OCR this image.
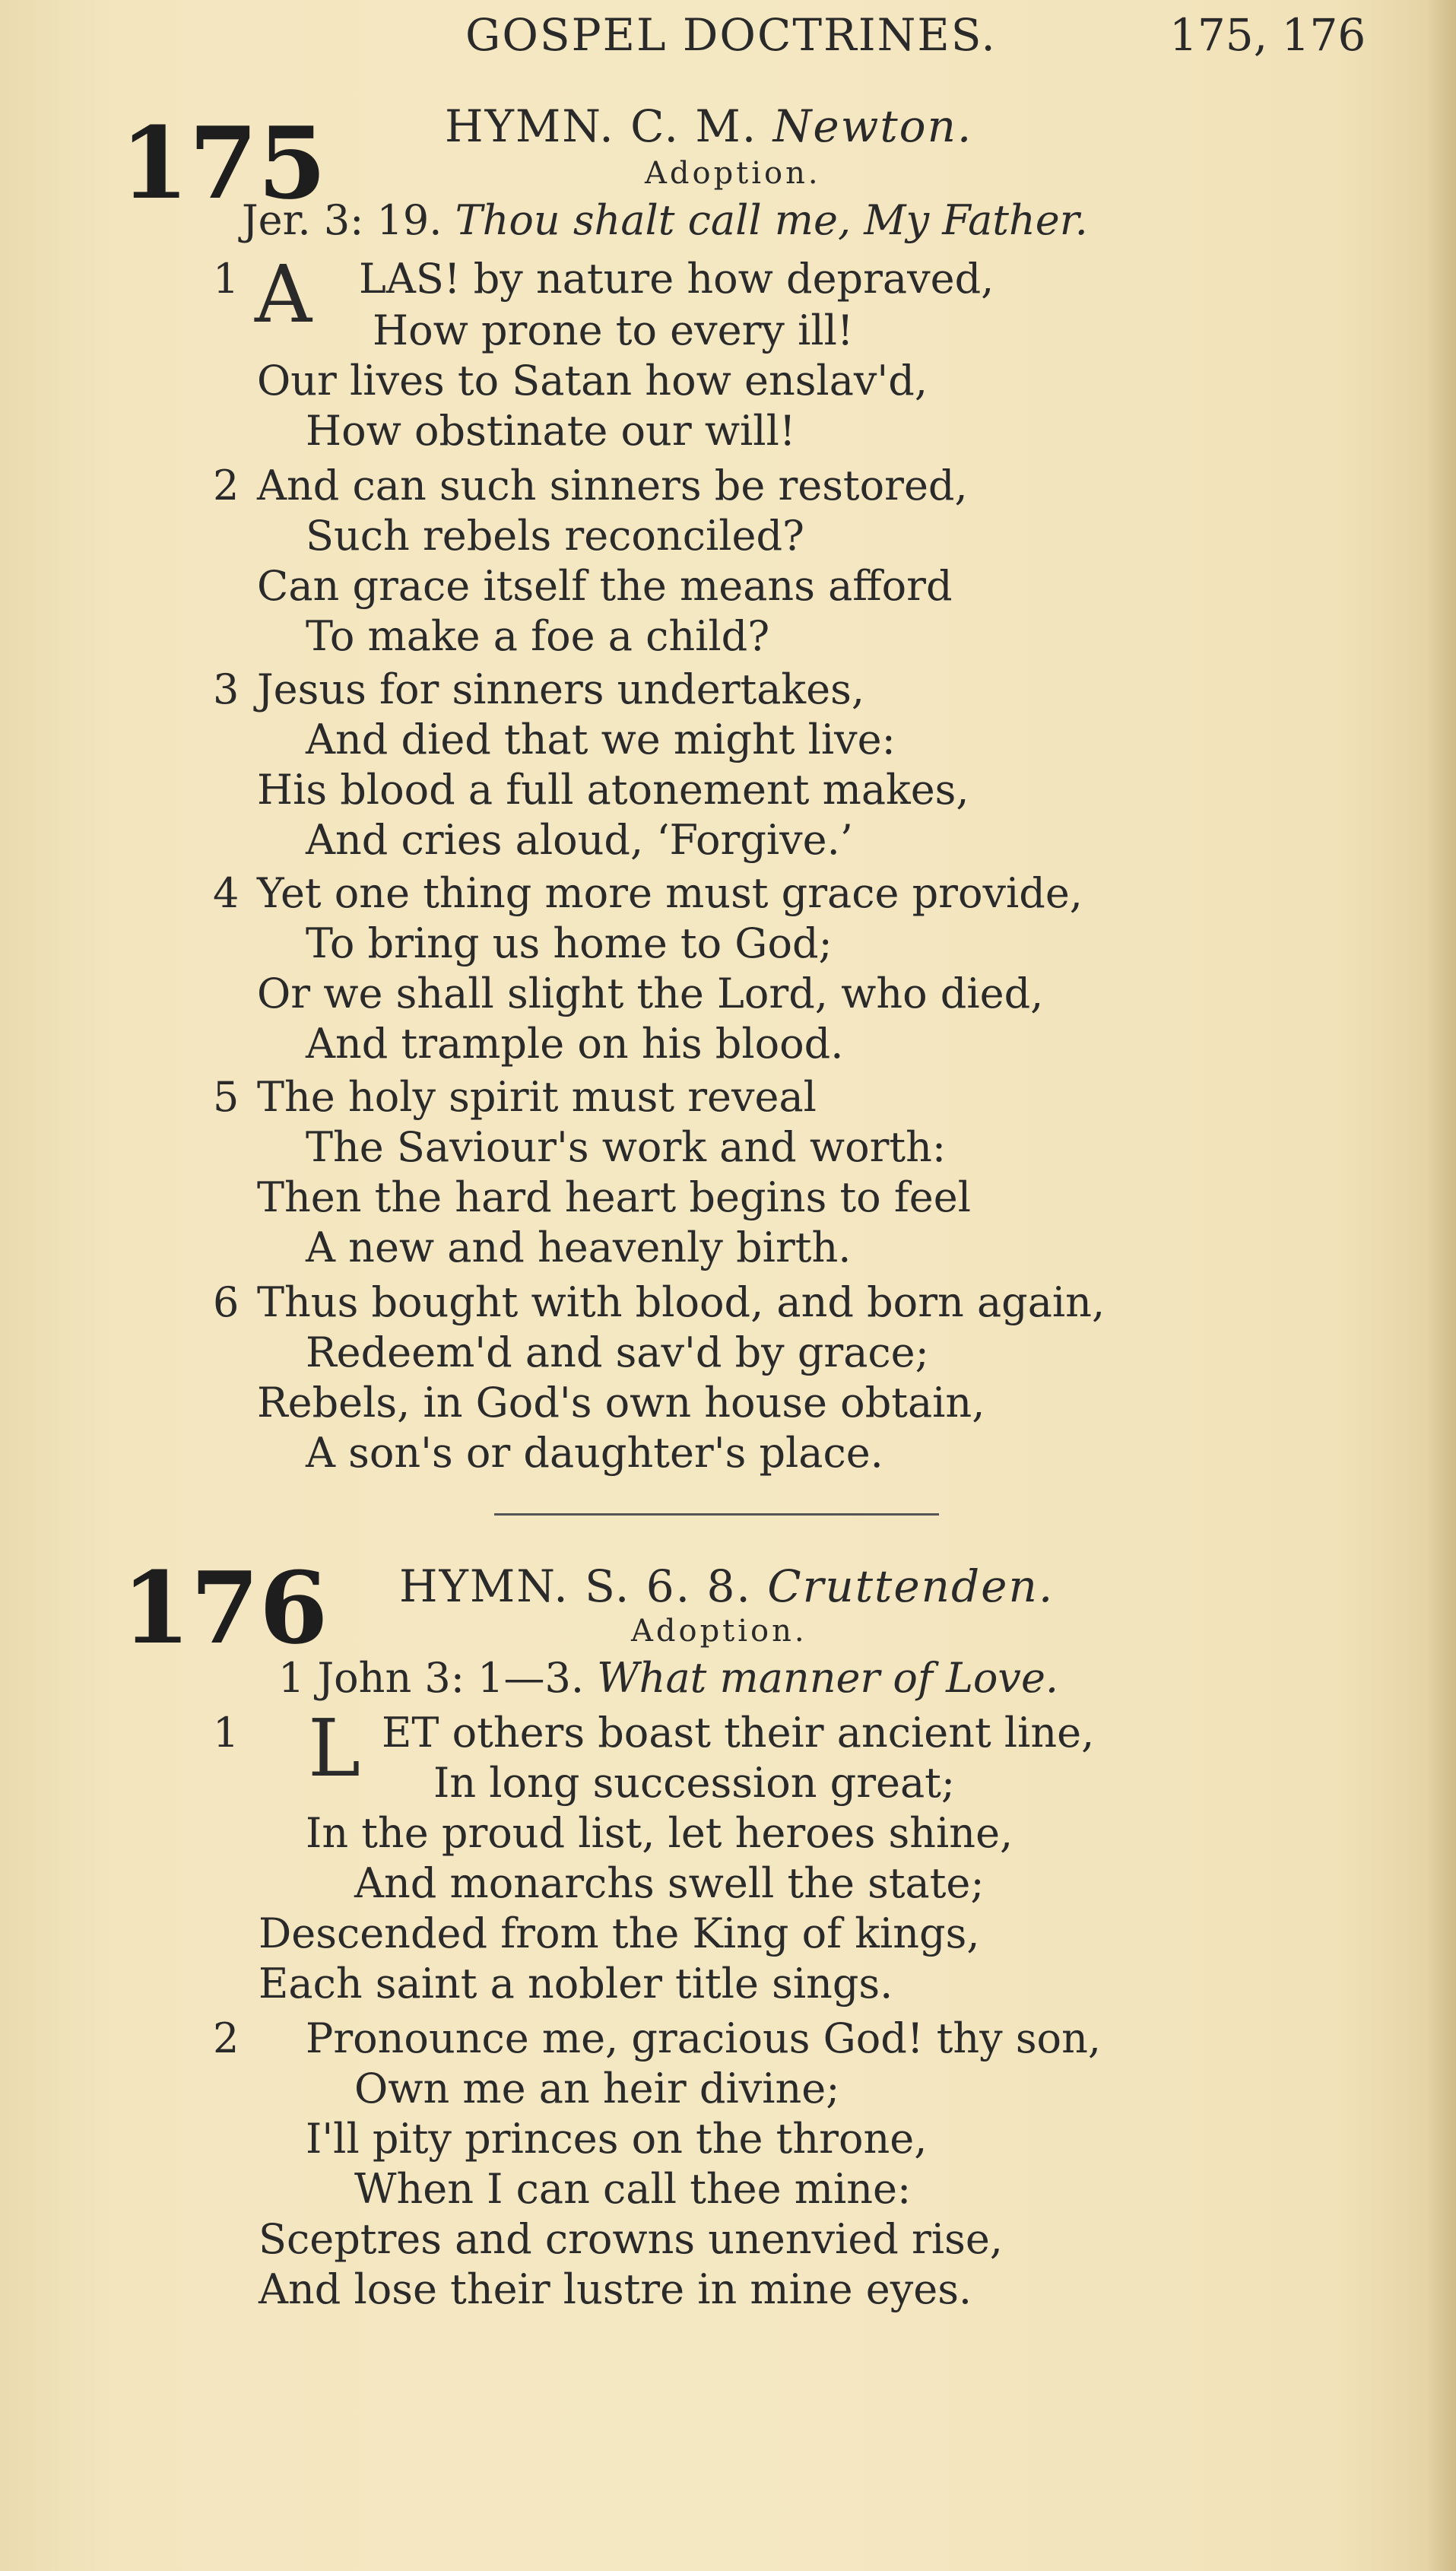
GOSPEL DOCTRINES.	175, 176
175	HYMN. C. M. Newton.
Adoption.
Jer. 3: 19. Thou shalt call me, My Father.
1 A LAS! by nature how depraved,
How prone to every ill!
Our lives to Satan how enslav'd,
How obstinate our will!
2 And can such sinners be restored,
Such rebels reconciled?
Can grace itself the means afford
To make a foe a child?
3 Jesus for sinners undertakes,
And died that we might live:
His blood a full atonement makes,
And cries aloud, ‘Forgive.’
4 Yet one thing more must grace provide,
To bring us home to God;
Or we shall slight the Lord, who died,
And trample on his blood.
5 The holy spirit must reveal
The Saviour's work and worth:
Then the hard heart begins to feel
A new and heavenly birth.
6 Thus bought with blood, and born again,
Redeem'd and sav'd by grace;
Rebels, in God's own house obtain,
A son's or daughter's place.
176 HYMN. S. 6. 8. Cruttenden.
Adoption.
1 John 3: 1—3. What manner of Love.
1 L ET others boast their ancient line,
In long succession great;
In the proud list, let heroes shine,
And monarchs swell the state;
Descended from the King of kings,
Each saint a nobler title sings.
2 Pronounce me, gracious God! thy son,
Own me an heir divine;
I'll pity princes on the throne,
When I can call thee mine:
Sceptres and crowns unenvied rise,
And lose their lustre in mine eyes.
